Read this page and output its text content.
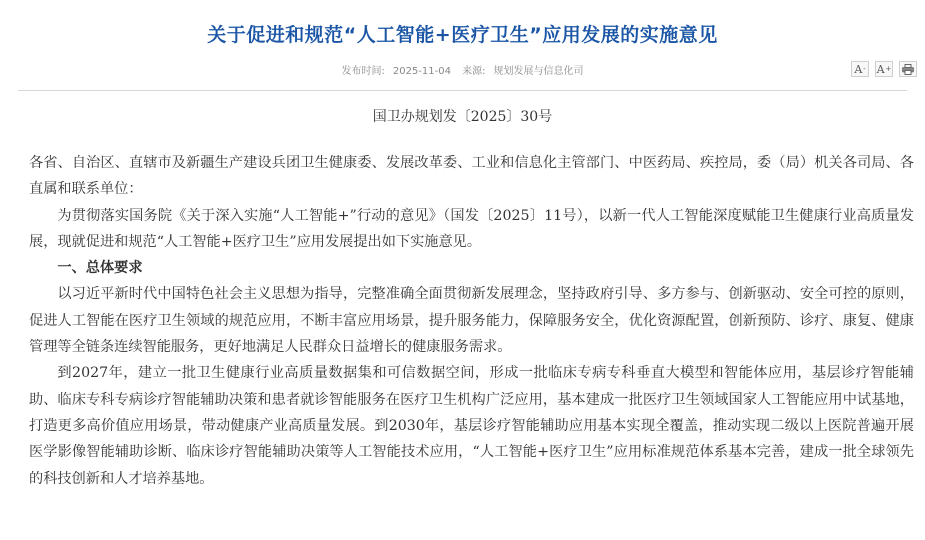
关于促进和规范“人工智能+医疗卫生”应用发展的实施意见
发布时间: 2025-11-04 来源: 规划发展与信息化司	A - A +
国卫办规划发〔2025〕30号

各省、自治区、直辖市及新疆生产建设兵团卫生健康委、发展改革委、工业和信息化主管部门、中医药局、疾控局，委（局）机关各司局、各直属和联系单位：

为贯彻落实国务院《关于深入实施“人工智能+”行动的意见》（国发〔2025〕11号），以新一代人工智能深度赋能卫生健康行业高质量发展，现就促进和规范“人工智能+医疗卫生”应用发展提出如下实施意见。

一、总体要求

以习近平新时代中国特色社会主义思想为指导，完整准确全面贯彻新发展理念，坚持政府引导、多方参与、创新驱动、安全可控的原则，促进人工智能在医疗卫生领域的规范应用，不断丰富应用场景，提升服务能力，保障服务安全，优化资源配置，创新预防、诊疗、康复、健康管理等全链条连续智能服务，更好地满足人民群众日益增长的健康服务需求。

到2027年，建立一批卫生健康行业高质量数据集和可信数据空间，形成一批临床专病专科垂直大模型和智能体应用，基层诊疗智能辅助、临床专科专病诊疗智能辅助决策和患者就诊智能服务在医疗卫生机构广泛应用，基本建成一批医疗卫生领域国家人工智能应用中试基地，打造更多高价值应用场景，带动健康产业高质量发展。到2030年，基层诊疗智能辅助应用基本实现全覆盖，推动实现二级以上医院普遍开展医学影像智能辅助诊断、临床诊疗智能辅助决策等人工智能技术应用，“人工智能+医疗卫生”应用标准规范体系基本完善，建成一批全球领先的科技创新和人才培养基地。
